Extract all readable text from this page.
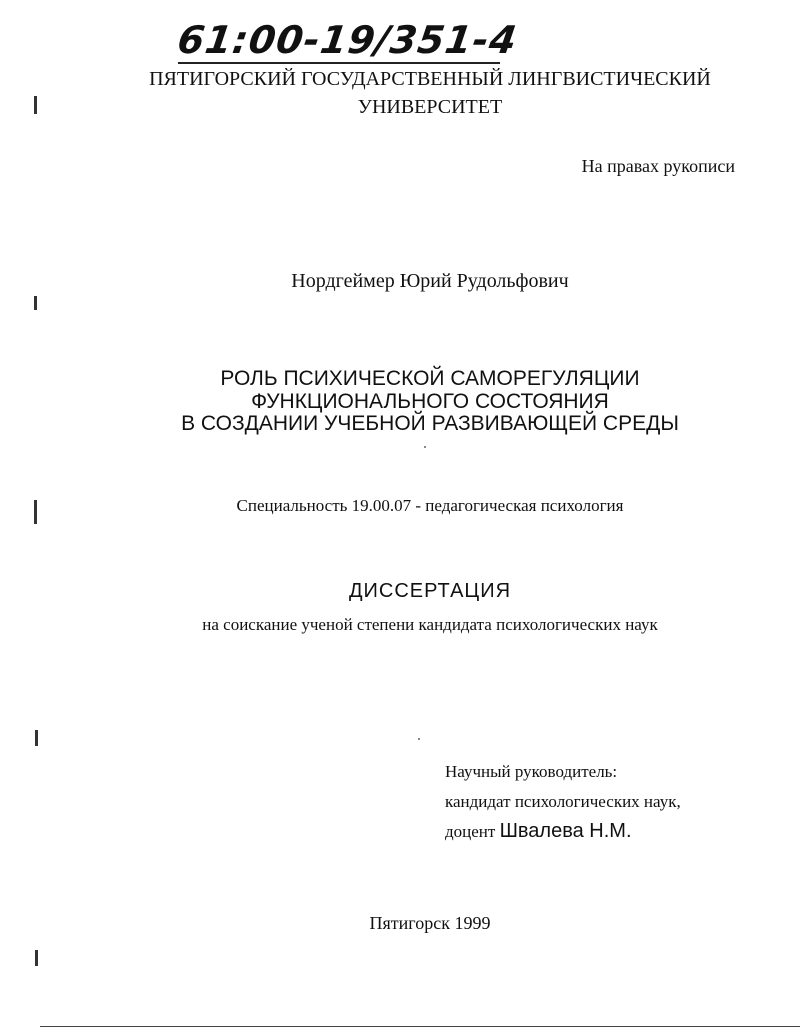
61:00-19/351-4
ПЯТИГОРСКИЙ ГОСУДАРСТВЕННЫЙ ЛИНГВИСТИЧЕСКИЙ
УНИВЕРСИТЕТ
На правах рукописи
Нордгеймер Юрий Рудольфович
РОЛЬ ПСИХИЧЕСКОЙ САМОРЕГУЛЯЦИИ
ФУНКЦИОНАЛЬНОГО СОСТОЯНИЯ
В СОЗДАНИИ УЧЕБНОЙ РАЗВИВАЮЩЕЙ СРЕДЫ
Специальность 19.00.07 - педагогическая психология
ДИССЕРТАЦИЯ
на соискание ученой степени кандидата психологических наук
Научный руководитель:
кандидат психологических наук,
доцент Швалева Н.М.
Пятигорск 1999
